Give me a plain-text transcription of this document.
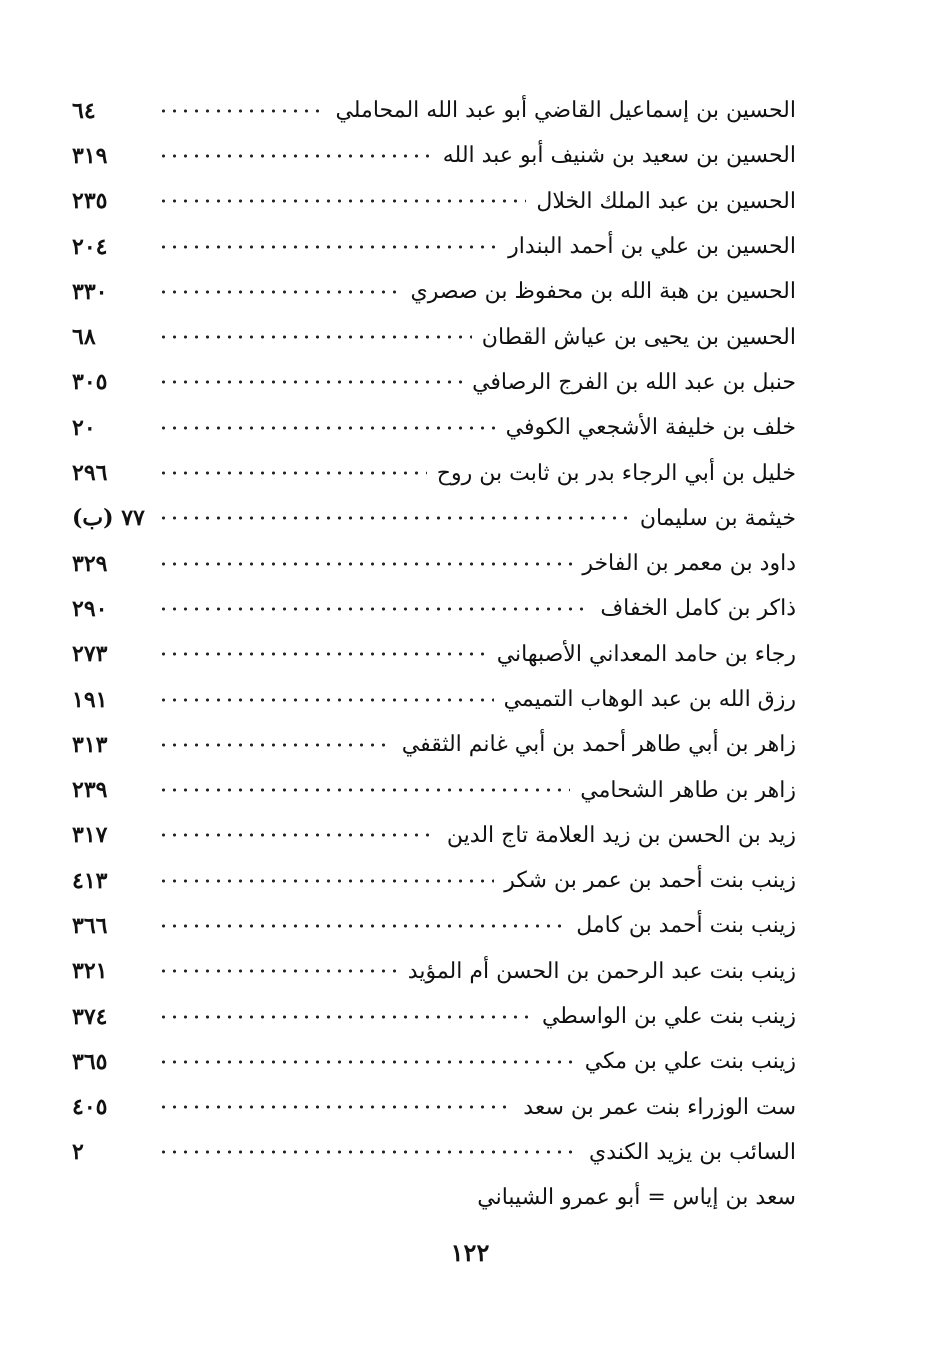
الحسين بن إسماعيل القاضي أبو عبد الله المحاملي
٦٤
الحسين بن سعيد بن شنيف أبو عبد الله
٣١٩
الحسين بن عبد الملك الخلال
٢٣٥
الحسين بن علي بن أحمد البندار
٢٠٤
الحسين بن هبة الله بن محفوظ بن صصري
٣٣٠
الحسين بن يحيى بن عياش القطان
٦٨
حنبل بن عبد الله بن الفرج الرصافي
٣٠٥
خلف بن خليفة الأشجعي الكوفي
٢٠
خليل بن أبي الرجاء بدر بن ثابت بن روح
٢٩٦
خيثمة بن سليمان
٧٧ (ب)
داود بن معمر بن الفاخر
٣٢٩
ذاكر بن كامل الخفاف
٢٩٠
رجاء بن حامد المعداني الأصبهاني
٢٧٣
رزق الله بن عبد الوهاب التميمي
١٩١
زاهر بن أبي طاهر أحمد بن أبي غانم الثقفي
٣١٣
زاهر بن طاهر الشحامي
٢٣٩
زيد بن الحسن بن زيد العلامة تاج الدين
٣١٧
زينب بنت أحمد بن عمر بن شكر
٤١٣
زينب بنت أحمد بن كامل
٣٦٦
زينب بنت عبد الرحمن بن الحسن أم المؤيد
٣٢١
زينب بنت علي بن الواسطي
٣٧٤
زينب بنت علي بن مكي
٣٦٥
ست الوزراء بنت عمر بن سعد
٤٠٥
السائب بن يزيد الكندي
٢
سعد بن إياس = أبو عمرو الشيباني
١٢٢
